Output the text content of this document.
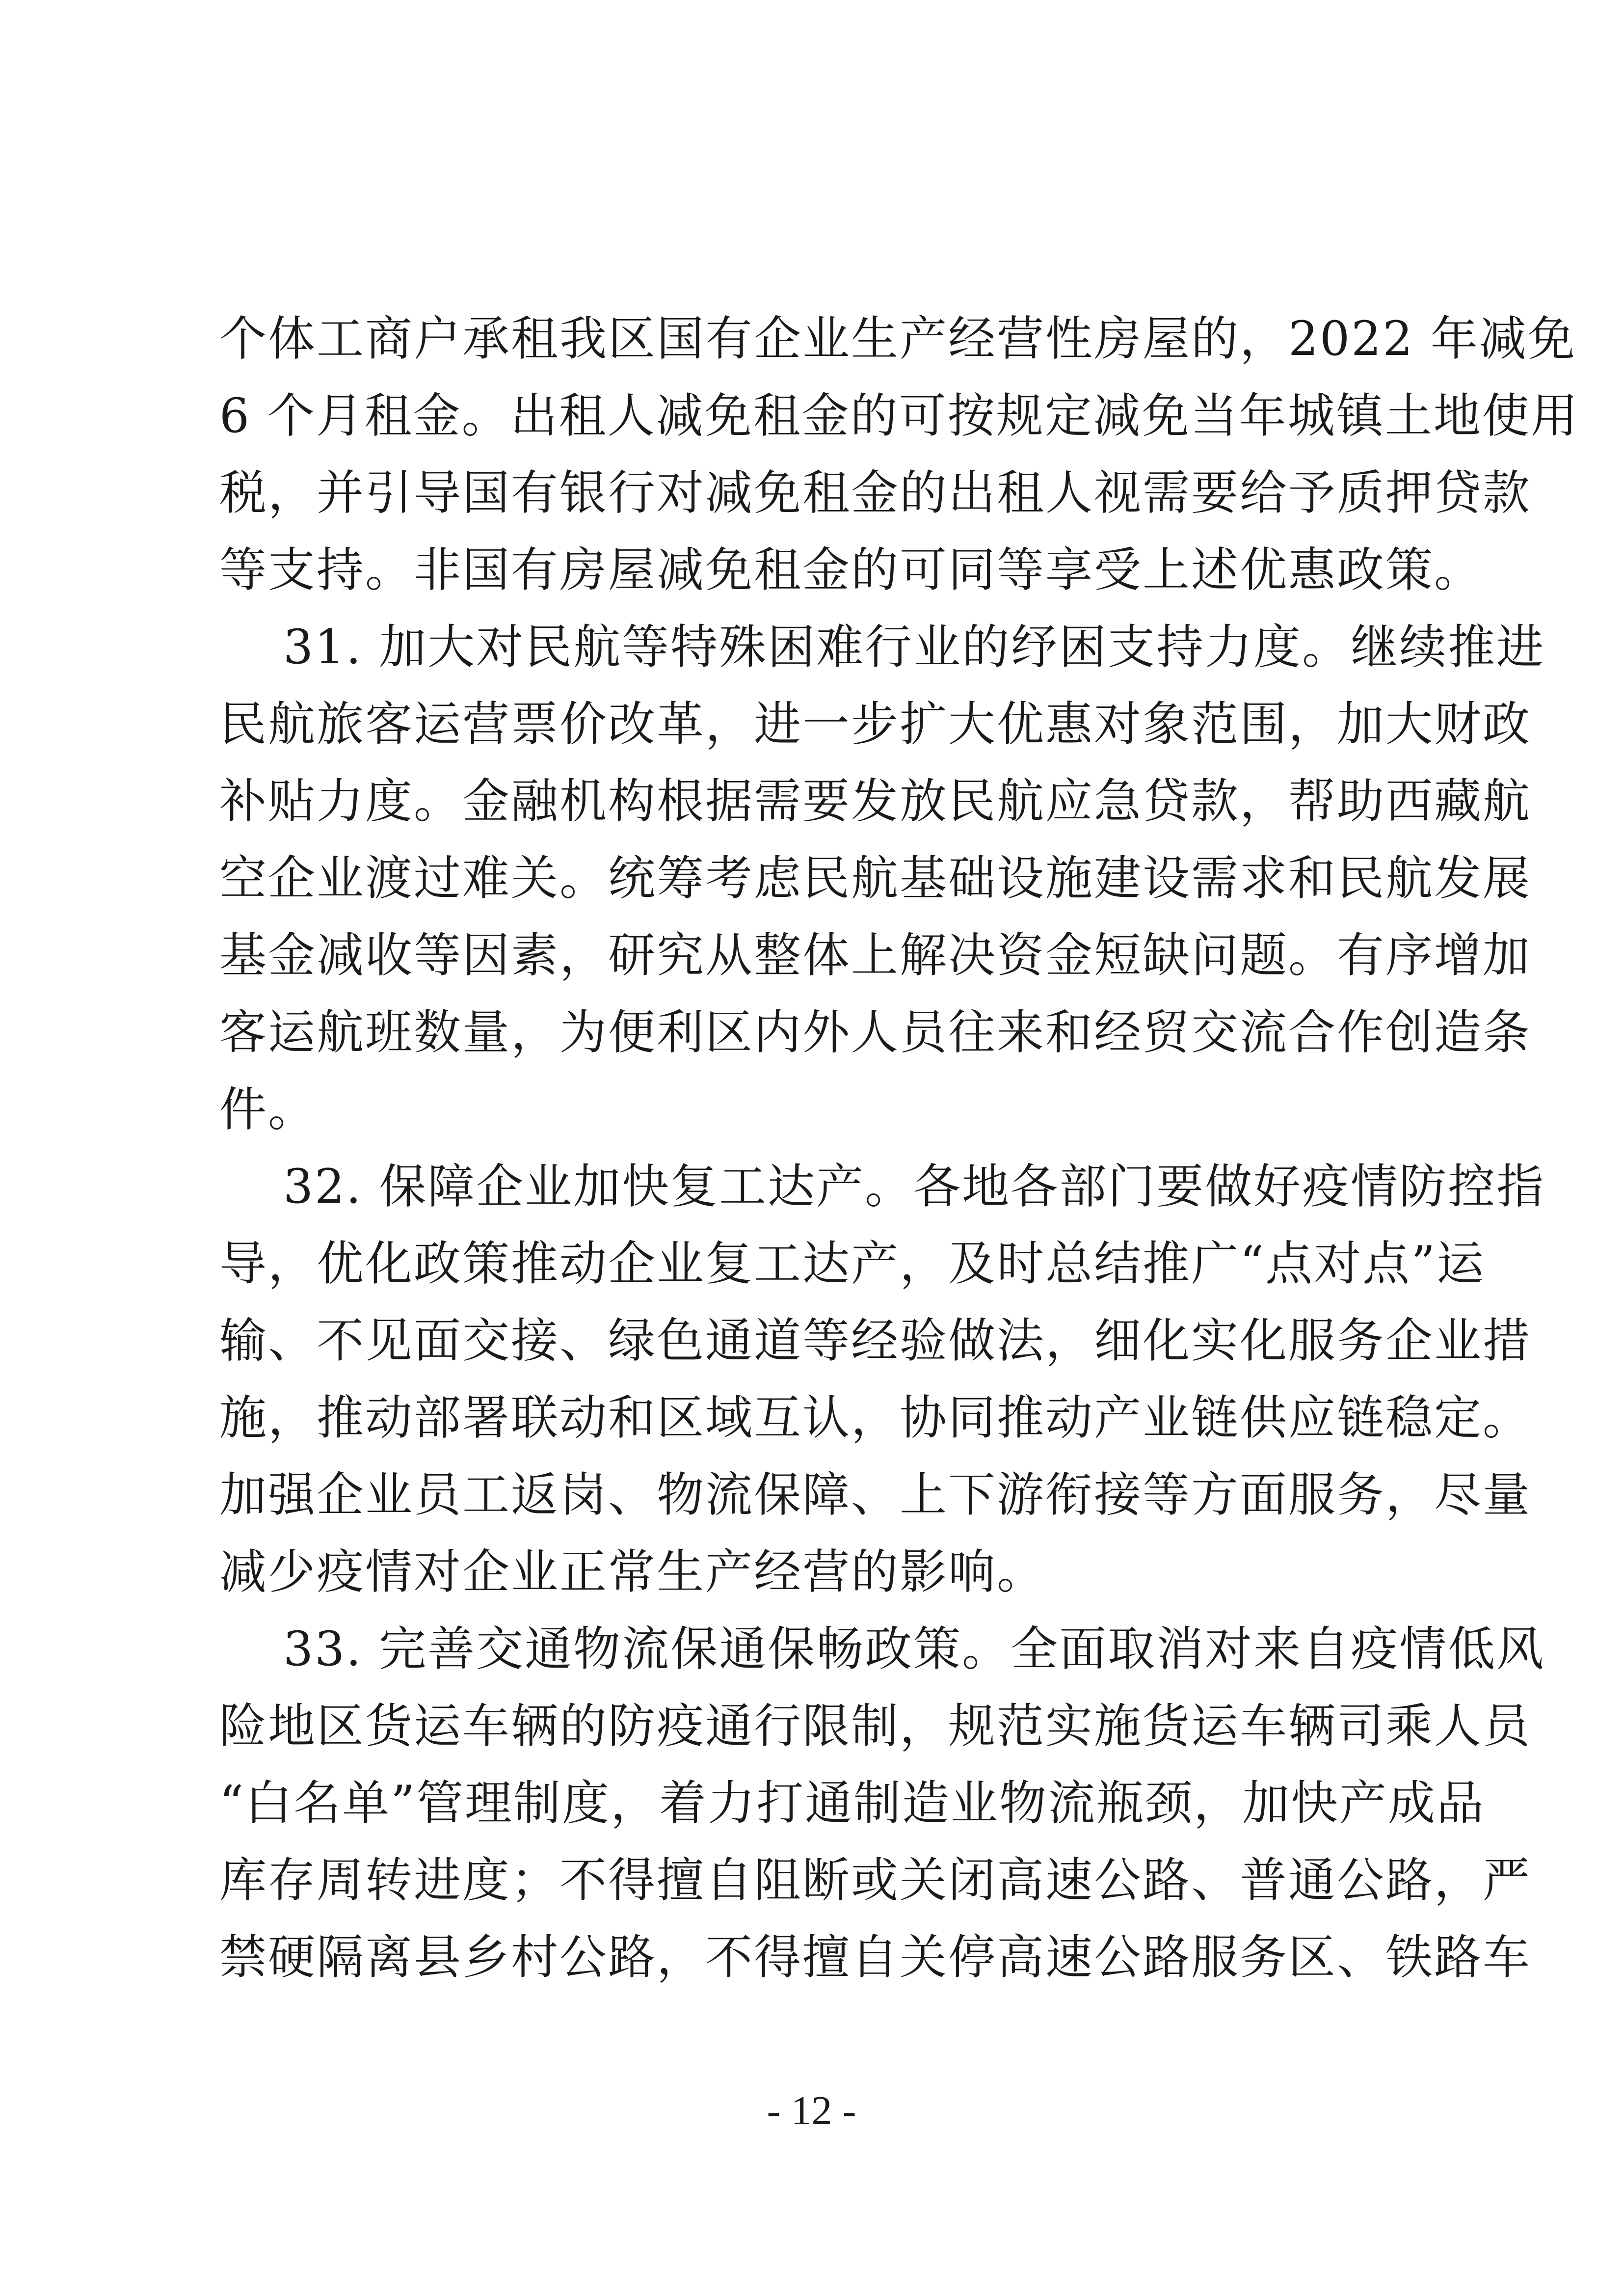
个体工商户承租我区国有企业生产经营性房屋的，2022 年减免
6 个月租金。出租人减免租金的可按规定减免当年城镇土地使用
税，并引导国有银行对减免租金的出租人视需要给予质押贷款
等支持。非国有房屋减免租金的可同等享受上述优惠政策。
31. 加大对民航等特殊困难行业的纾困支持力度。继续推进
民航旅客运营票价改革，进一步扩大优惠对象范围，加大财政
补贴力度。金融机构根据需要发放民航应急贷款，帮助西藏航
空企业渡过难关。统筹考虑民航基础设施建设需求和民航发展
基金减收等因素，研究从整体上解决资金短缺问题。有序增加
客运航班数量，为便利区内外人员往来和经贸交流合作创造条
件。
32. 保障企业加快复工达产。各地各部门要做好疫情防控指
导，优化政策推动企业复工达产，及时总结推广“点对点”运
输、不见面交接、绿色通道等经验做法，细化实化服务企业措
施，推动部署联动和区域互认，协同推动产业链供应链稳定。
加强企业员工返岗、物流保障、上下游衔接等方面服务，尽量
减少疫情对企业正常生产经营的影响。
33. 完善交通物流保通保畅政策。全面取消对来自疫情低风
险地区货运车辆的防疫通行限制，规范实施货运车辆司乘人员
“白名单”管理制度，着力打通制造业物流瓶颈，加快产成品
库存周转进度；不得擅自阻断或关闭高速公路、普通公路，严
禁硬隔离县乡村公路，不得擅自关停高速公路服务区、铁路车
- 12 -
